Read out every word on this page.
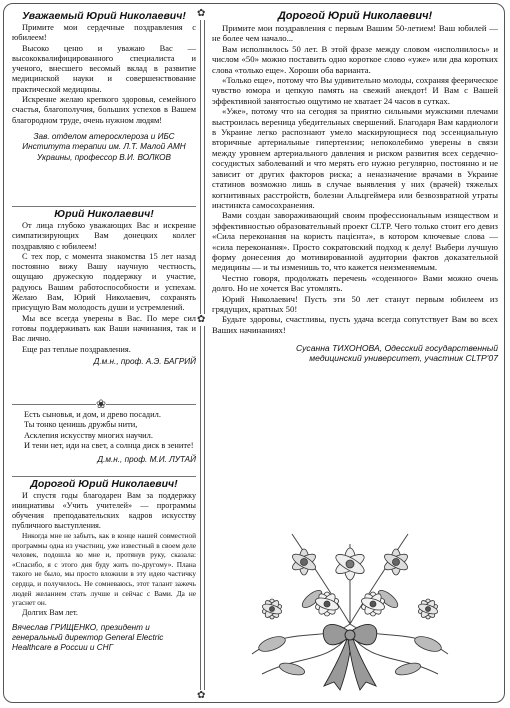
Уважаемый Юрий Николаевич!

Примите мои сердечные поздравления с юбилеем!

Высоко ценю и уважаю Вас — высококвалифицированного специалиста и ученого, внесшего весомый вклад в развитие медицинской науки и совершенствование практической медицины.

Искренне желаю крепкого здоровья, семейного счастья, благополучия, больших успехов в Вашем благородном труде, очень нужном людям!

Зав. отделом атеросклероза и ИБС Института терапии им. Л.Т. Малой АМН Украины, профессор В.И. ВОЛКОВ

Юрий Николаевич!

От лица глубоко уважающих Вас и искренне симпатизирующих Вам донецких коллег поздравляю с юбилеем!

С тех пор, с момента знакомства 15 лет назад постоянно вижу Вашу научную честность, ощущаю дружескую поддержку и участие, радуюсь Вашим работоспособности и успехам. Желаю Вам, Юрий Николаевич, сохранять присущую Вам молодость души и устремлений.

Мы все всегда уверены в Вас. По мере сил готовы поддерживать как Ваши начинания, так и Вас лично.

Еще раз теплые поздравления.

Д.м.н., проф. А.Э. БАГРИЙ

❀

Есть сыновья, и дом, и древо посадил.

Ты тонко ценишь дружбы нити,

Асклепия искусству многих научил.

И тени нет, иди на свет, а солнца диск в зените!

Д.м.н., проф. М.И. ЛУТАЙ

Дорогой Юрий Николаевич!

И спустя годы благодарен Вам за поддержку инициативы «Учить учителей» — программы обучения преподавательских кадров искусству публичного выступления.

Никогда мне не забыть, как в конце нашей совместной программы одна из участниц, уже известный в своем деле человек, подошла ко мне и, протянув руку, сказала: «Спасибо, я с этого дня буду жить по-другому». Плана такого не было, мы просто вложили в эту идею частичку сердца, и получилось. Не сомневаюсь, этот талант зажечь людей желанием стать лучше и сейчас с Вами. Да не угаснет он.

Долгих Вам лет.

Вячеслав ГРИЩЕНКО, президент и генеральный директор General Electric Healthcare в России и СНГ

✿
✿
✿

Дорогой Юрий Николаевич!

Примите мои поздравления с первым Вашим 50-летием! Ваш юбилей — не более чем начало...

Вам исполнилось 50 лет. В этой фразе между словом «исполнилось» и числом «50» можно поставить одно короткое слово «уже» или два коротких слова «только еще». Хороши оба варианта.

«Только еще», потому что Вы удивительно молоды, сохраняя феерическое чувство юмора и цепкую память на свежий анекдот! И Вам с Вашей эффективной занятостью ощутимо не хватает 24 часов в сутках.

«Уже», потому что на сегодня за приятно сильными мужскими плечами выстроилась вереница убедительных свершений. Благодаря Вам кардиологи в Украине легко распознают умело маскирующиеся под эссенциальную вторичные артериальные гипертензии; непоколебимо уверены в связи между уровнем артериального давления и риском развития всех сердечно-сосудистых заболеваний и что мерять его нужно регулярно, постоянно и не зависит от других факторов риска; а неназначение врачами в Украине статинов возможно лишь в случае выявления у них (врачей) тяжелых когнитивных расстройств, болезни Альцгеймера или безвозвратной утраты инстинкта самосохранения.

Вами создан завораживающий своим профессиональным изяществом и эффективностью образовательный проект CLTP. Чего только стоит его девиз «Сила переконання на користь пацієнта», в котором ключевые слова — «сила переконання». Просто сократовский подход к делу! Выбери лучшую форму донесения до мотивированной аудитории фактов доказательной медицины — и ты изменишь то, что кажется неизменяемым.

Честно говоря, продолжать перечень «соденного» Вами можно очень долго. Но не хочется Вас утомлять.

Юрий Николаевич! Пусть эти 50 лет станут первым юбилеем из грядущих, кратных 50!

Будьте здоровы, счастливы, пусть удача всегда сопутствует Вам во всех Ваших начинаниях!

Сусанна ТИХОНОВА, Одесский государственный медицинский университет, участник CLTP'07
